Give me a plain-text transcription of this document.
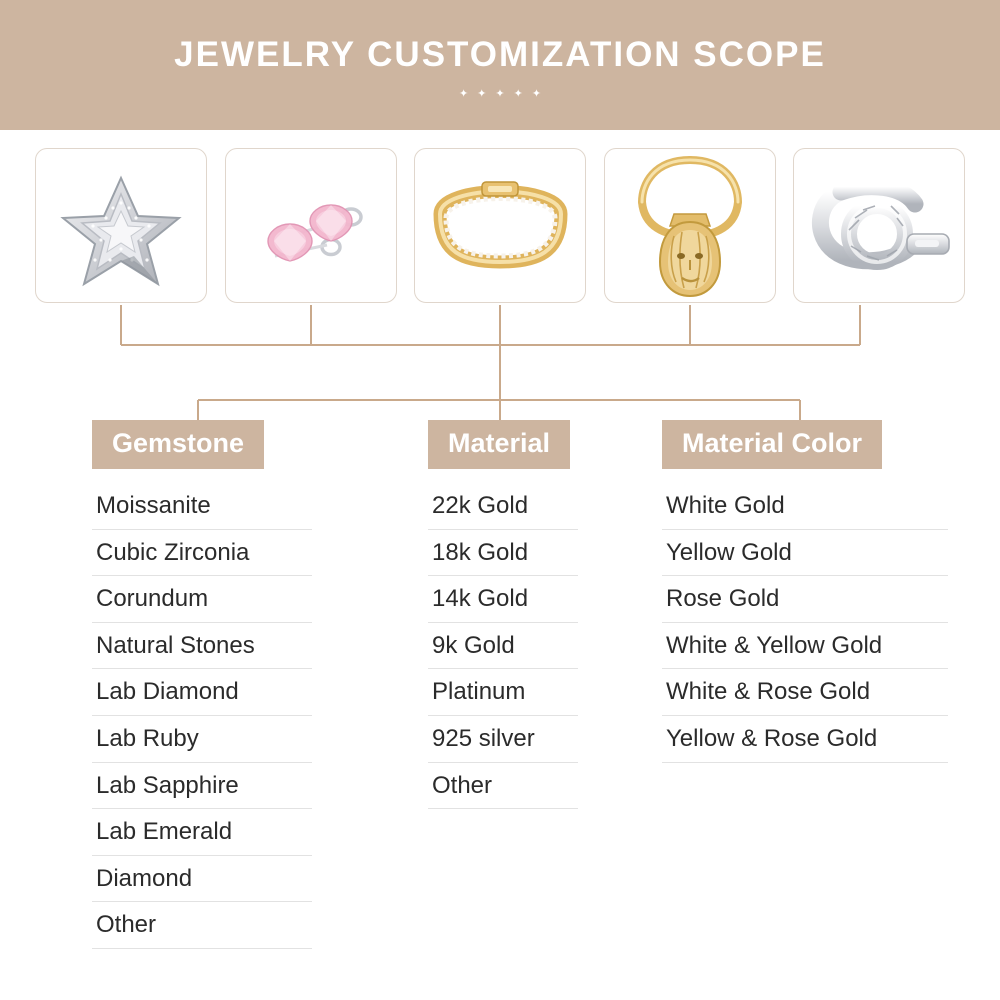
JEWELRY CUSTOMIZATION SCOPE
✦ ✦ ✦ ✦ ✦
Gemstone
Moissanite
Cubic Zirconia
Corundum
Natural Stones
Lab Diamond
Lab Ruby
Lab Sapphire
Lab Emerald
Diamond
Other
Material
22k Gold
18k Gold
14k Gold
9k Gold
Platinum
925 silver
Other
Material Color
White Gold
Yellow Gold
Rose Gold
White & Yellow Gold
White & Rose Gold
Yellow & Rose Gold
